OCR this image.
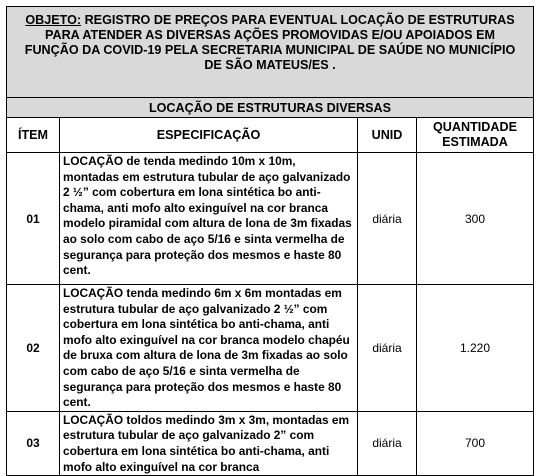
OBJETO: REGISTRO DE PREÇOS PARA EVENTUAL LOCAÇÃO DE ESTRUTURAS PARA ATENDER AS DIVERSAS AÇÕES PROMOVIDAS E/OU APOIADOS EM FUNÇÃO DA COVID-19 PELA SECRETARIA MUNICIPAL DE SAÚDE NO MUNICÍPIO DE SÃO MATEUS/ES .			
LOCAÇÃO DE ESTRUTURAS DIVERSAS			
ÍTEM	ESPECIFICAÇÃO	UNID	QUANTIDADE
ESTIMADA

01	LOCAÇÃO de tenda medindo 10m x 10m, montadas em estrutura tubular de aço galvanizado 2 ½” com cobertura em lona sintética bo anti-chama, anti mofo alto exinguível na cor branca modelo piramidal com altura de lona de 3m fixadas ao solo com cabo de aço 5/16 e sinta vermelha de segurança para proteção dos mesmos e haste 80 cent.	diária	300
02	LOCAÇÃO tenda medindo 6m x 6m montadas em estrutura tubular de aço galvanizado 2 ½” com cobertura em lona sintética bo anti-chama, anti mofo alto exinguível na cor branca modelo chapéu de bruxa com altura de lona de 3m fixadas ao solo com cabo de aço 5/16 e sinta vermelha de segurança para proteção dos mesmos e haste 80 cent.	diária	1.220
03	LOCAÇÃO toldos medindo 3m x 3m, montadas em estrutura tubular de aço galvanizado 2” com cobertura em lona sintética bo anti-chama, anti mofo alto exinguível na cor branca	diária	700
